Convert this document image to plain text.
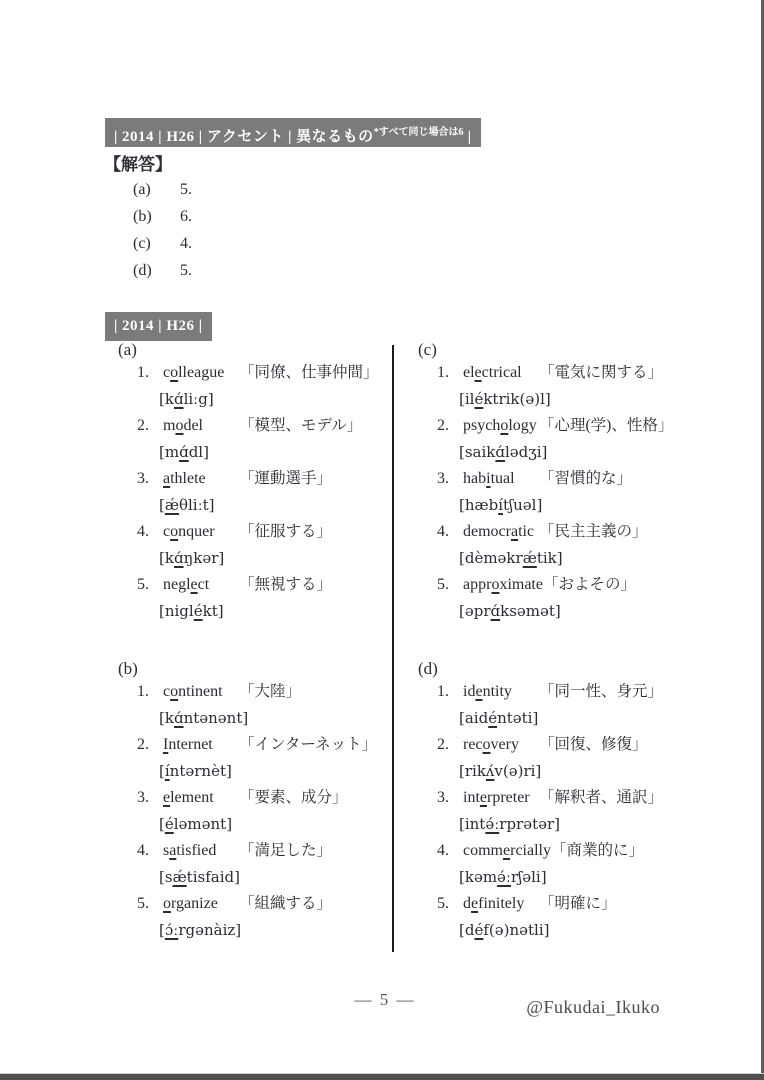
| 2014 | H26 | アクセント | 異なるもの$^{*すべて同じ場合は6}$ |
【解答】
(a) 5.
(b) 6.
(c) 4.
(d) 5.
| 2014 | H26 |
(a)
1. colleague 「同僚、仕事仲間」
[kɑ́liːg]
2. model	「模型、モデル」
[mɑ́dl]
3. athlete	「運動選手」
[ǽθliːt]
4. conquer	「征服する」
[kɑ́ŋkər]
5. neglect	「無視する」
[niglékt]
(b)
1. continent	「大陸」
[kɑ́ntənənt]
2. Internet	「インターネット」
[íntərnèt]
3. element	「要素、成分」
[éləmənt]
4. satisfied	「満足した」
[sǽtisfaid]
5. organize	「組織する」
[ɔ́ːrgənàiz]
(c)
1. electrical	「電気に関する」
[iléktrik(ə)l]
2. psychology 「心理(学)、性格」
[saikɑ́lədʒi]
3. habitual	「習慣的な」
[hæbítʃuəl]
4. democratic 「民主主義の」
[dèməkrǽtik]
5. approximate 「およその」
[əprɑ́ksəmət]
(d)
1. identity	「同一性、身元」
[aidéntəti]
2. recovery	「回復、修復」
[rikʌ́v(ə)ri]
3. interpreter 「解釈者、通訳」
[intə́ːrprətər]
4. commercially 「商業的に」
[kəmə́ːrʃəli]
5. definitely 「明確に」
[déf(ə)nətli]
— 5 —	@Fukudai_Ikuko
